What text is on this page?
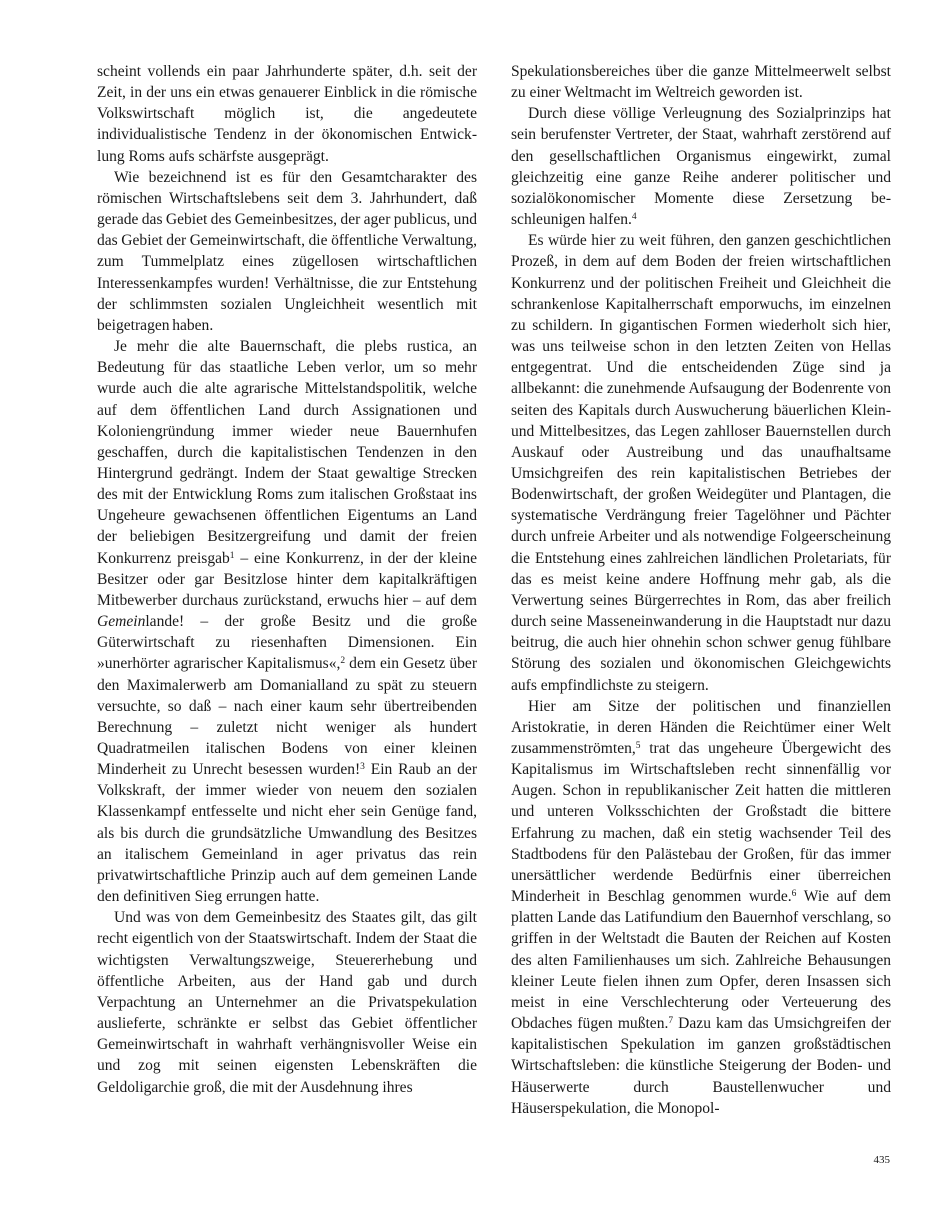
scheint vollends ein paar Jahrhunderte später, d.h. seit der Zeit, in der uns ein etwas genauerer Einblick in die römische Volkswirtschaft möglich ist, die angedeutete individualistische Tendenz in der ökonomischen Entwicklung Roms aufs schärfste ausgeprägt.

Wie bezeichnend ist es für den Gesamtcharakter des römischen Wirtschaftslebens seit dem 3. Jahrhundert, daß gerade das Gebiet des Gemeinbesitzes, der ager publicus, und das Gebiet der Gemeinwirtschaft, die öffentliche Verwaltung, zum Tummelplatz eines zügellosen wirtschaftlichen Interessenkampfes wurden! Verhältnisse, die zur Entstehung der schlimmsten sozialen Ungleichheit wesentlich mit beigetragen haben.

Je mehr die alte Bauernschaft, die plebs rustica, an Bedeutung für das staatliche Leben verlor, um so mehr wurde auch die alte agrarische Mittelstandspolitik, welche auf dem öffentlichen Land durch Assignationen und Koloniengründung immer wieder neue Bauernhufen geschaffen, durch die kapitalistischen Tendenzen in den Hintergrund gedrängt. Indem der Staat gewaltige Strecken des mit der Entwicklung Roms zum italischen Großstaat ins Ungeheure gewachsenen öffentlichen Eigentums an Land der beliebigen Besitzergreifung und damit der freien Konkurrenz preisgab$^1$ – eine Konkurrenz, in der der kleine Besitzer oder gar Besitzlose hinter dem kapitalkräftigen Mitbewerber durchaus zurückstand, erwuchs hier – auf dem Gemeinlande! – der große Besitz und die große Güterwirtschaft zu riesenhaften Dimensionen. Ein »unerhörter agrarischer Kapitalismus«,$^2$ dem ein Gesetz über den Maximalerwerb am Domanialland zu spät zu steuern versuchte, so daß – nach einer kaum sehr übertreibenden Berechnung – zuletzt nicht weniger als hundert Quadratmeilen italischen Bodens von einer kleinen Minderheit zu Unrecht besessen wurden!$^3$ Ein Raub an der Volkskraft, der immer wieder von neuem den sozialen Klassenkampf entfesselte und nicht eher sein Genüge fand, als bis durch die grundsätzliche Umwandlung des Besitzes an italischem Gemeinland in ager privatus das rein privatwirtschaftliche Prinzip auch auf dem gemeinen Lande den definitiven Sieg errungen hatte.

Und was von dem Gemeinbesitz des Staates gilt, das gilt recht eigentlich von der Staatswirtschaft. Indem der Staat die wichtigsten Verwaltungszweige, Steuererhebung und öffentliche Arbeiten, aus der Hand gab und durch Verpachtung an Unternehmer an die Privatspekulation auslieferte, schränkte er selbst das Gebiet öffentlicher Gemeinwirtschaft in wahrhaft verhängnisvoller Weise ein und zog mit seinen eigensten Lebenskräften die Geldoligarchie groß, die mit der Ausdehnung ihres

Spekulationsbereiches über die ganze Mittelmeerwelt selbst zu einer Weltmacht im Weltreich geworden ist.

Durch diese völlige Verleugnung des Sozialprinzips hat sein berufenster Vertreter, der Staat, wahrhaft zerstörend auf den gesellschaftlichen Organismus eingewirkt, zumal gleichzeitig eine ganze Reihe anderer politischer und sozialökonomischer Momente diese Zersetzung beschleunigen halfen.$^4$

Es würde hier zu weit führen, den ganzen geschichtlichen Prozeß, in dem auf dem Boden der freien wirtschaftlichen Konkurrenz und der politischen Freiheit und Gleichheit die schrankenlose Kapitalherrschaft emporwuchs, im einzelnen zu schildern. In gigantischen Formen wiederholt sich hier, was uns teilweise schon in den letzten Zeiten von Hellas entgegentrat. Und die entscheidenden Züge sind ja allbekannt: die zunehmende Aufsaugung der Bodenrente von seiten des Kapitals durch Auswucherung bäuerlichen Klein- und Mittelbesitzes, das Legen zahlloser Bauernstellen durch Auskauf oder Austreibung und das unaufhaltsame Umsichgreifen des rein kapitalistischen Betriebes der Bodenwirtschaft, der großen Weidegüter und Plantagen, die systematische Verdrängung freier Tagelöhner und Pächter durch unfreie Arbeiter und als notwendige Folgeerscheinung die Entstehung eines zahlreichen ländlichen Proletariats, für das es meist keine andere Hoffnung mehr gab, als die Verwertung seines Bürgerrechtes in Rom, das aber freilich durch seine Masseneinwanderung in die Hauptstadt nur dazu beitrug, die auch hier ohnehin schon schwer genug fühlbare Störung des sozialen und ökonomischen Gleichgewichts aufs empfindlichste zu steigern.

Hier am Sitze der politischen und finanziellen Aristokratie, in deren Händen die Reichtümer einer Welt zusammenströmten,$^5$ trat das ungeheure Übergewicht des Kapitalismus im Wirtschaftsleben recht sinnenfällig vor Augen. Schon in republikanischer Zeit hatten die mittleren und unteren Volksschichten der Großstadt die bittere Erfahrung zu machen, daß ein stetig wachsender Teil des Stadtbodens für den Palästebau der Großen, für das immer unersättlicher werdende Bedürfnis einer überreichen Minderheit in Beschlag genommen wurde.$^6$ Wie auf dem platten Lande das Latifundium den Bauernhof verschlang, so griffen in der Weltstadt die Bauten der Reichen auf Kosten des alten Familienhauses um sich. Zahlreiche Behausungen kleiner Leute fielen ihnen zum Opfer, deren Insassen sich meist in eine Verschlechterung oder Verteuerung des Obdaches fügen mußten.$^7$ Dazu kam das Umsichgreifen der kapitalistischen Spekulation im ganzen großstädtischen Wirtschaftsleben: die künstliche Steigerung der Boden- und Häuserwerte durch Baustellenwucher und Häuserspekulation, die Monopol-

435
